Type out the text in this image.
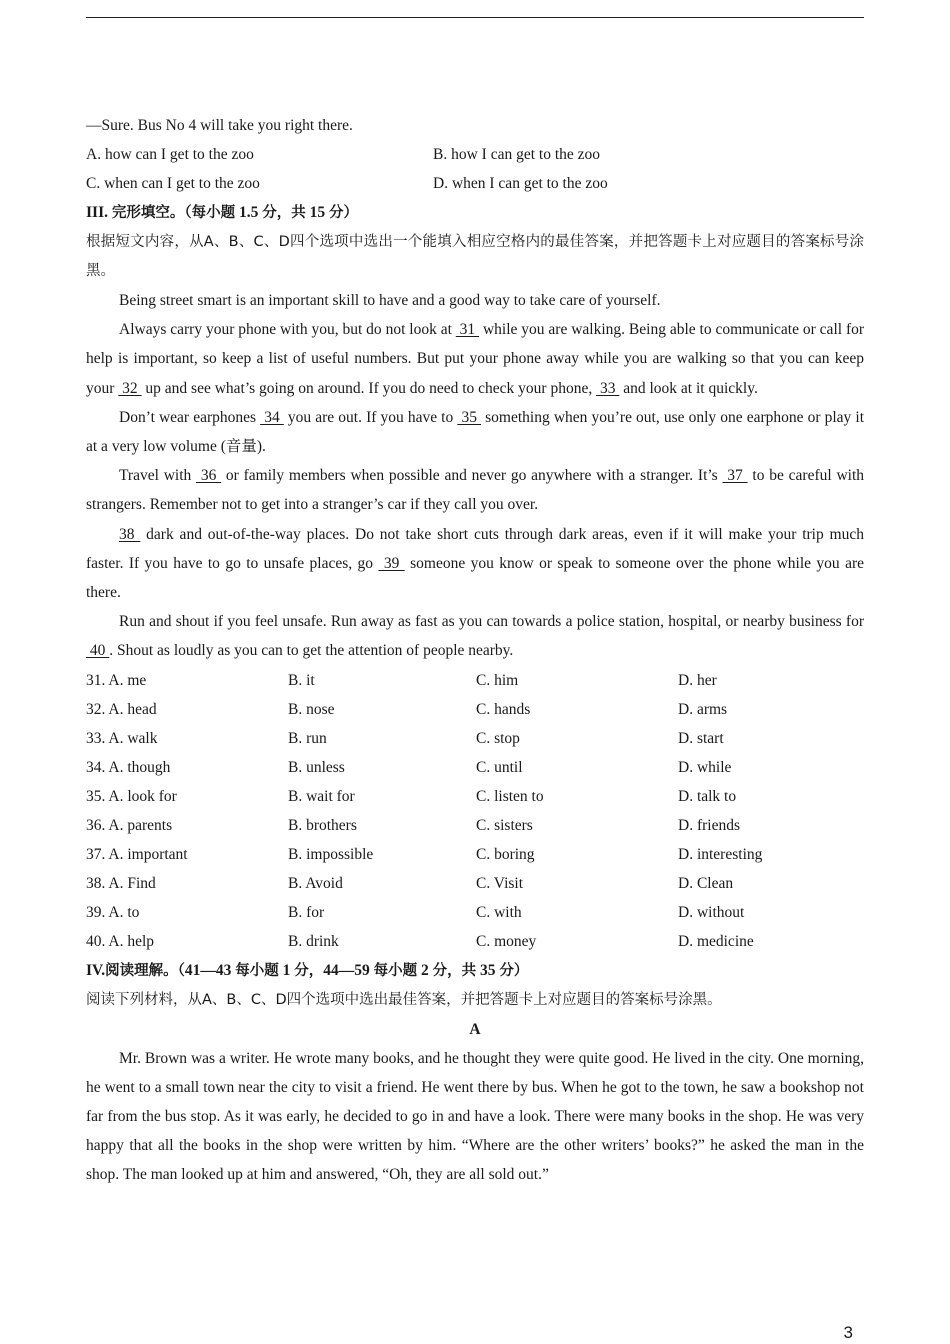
—Sure. Bus No 4 will take you right there.
A. how can I get to the zoo	B. how I can get to the zoo
C. when can I get to the zoo	D. when I can get to the zoo
III. 完形填空。（每小题 1.5 分，共 15 分）

根据短文内容，从A、B、C、D四个选项中选出一个能填入相应空格内的最佳答案，并把答题卡上对应题目的答案标号涂黑。

Being street smart is an important skill to have and a good way to take care of yourself.

Always carry your phone with you, but do not look at  31  while you are walking. Being able to communicate or call for help is important, so keep a list of useful numbers. But put your phone away while you are walking so that you can keep your  32  up and see what’s going on around. If you do need to check your phone,  33  and look at it quickly.

Don’t wear earphones  34  you are out. If you have to  35  something when you’re out, use only one earphone or play it at a very low volume (音量).

Travel with  36  or family members when possible and never go anywhere with a stranger. It’s  37  to be careful with strangers. Remember not to get into a stranger’s car if they call you over.

38  dark and out-of-the-way places. Do not take short cuts through dark areas, even if it will make your trip much faster. If you have to go to unsafe places, go  39  someone you know or speak to someone over the phone while you are there.

Run and shout if you feel unsafe. Run away as fast as you can towards a police station, hospital, or nearby business for  40 . Shout as loudly as you can to get the attention of people nearby.

31. A. me	B. it	C. him	D. her
32. A. head	B. nose	C. hands	D. arms
33. A. walk	B. run	C. stop	D. start
34. A. though	B. unless	C. until	D. while
35. A. look for	B. wait for	C. listen to	D. talk to
36. A. parents	B. brothers	C. sisters	D. friends
37. A. important	B. impossible	C. boring	D. interesting
38. A. Find	B. Avoid	C. Visit	D. Clean
39. A. to	B. for	C. with	D. without
40. A. help	B. drink	C. money	D. medicine
IV.阅读理解。（41—43 每小题 1 分，44—59 每小题 2 分，共 35 分）
阅读下列材料，从A、B、C、D四个选项中选出最佳答案，并把答题卡上对应题目的答案标号涂黑。
A

Mr. Brown was a writer. He wrote many books, and he thought they were quite good. He lived in the city. One morning, he went to a small town near the city to visit a friend. He went there by bus. When he got to the town, he saw a bookshop not far from the bus stop. As it was early, he decided to go in and have a look. There were many books in the shop. He was very happy that all the books in the shop were written by him. “Where are the other writers’ books?” he asked the man in the shop. The man looked up at him and answered, “Oh, they are all sold out.”

3
